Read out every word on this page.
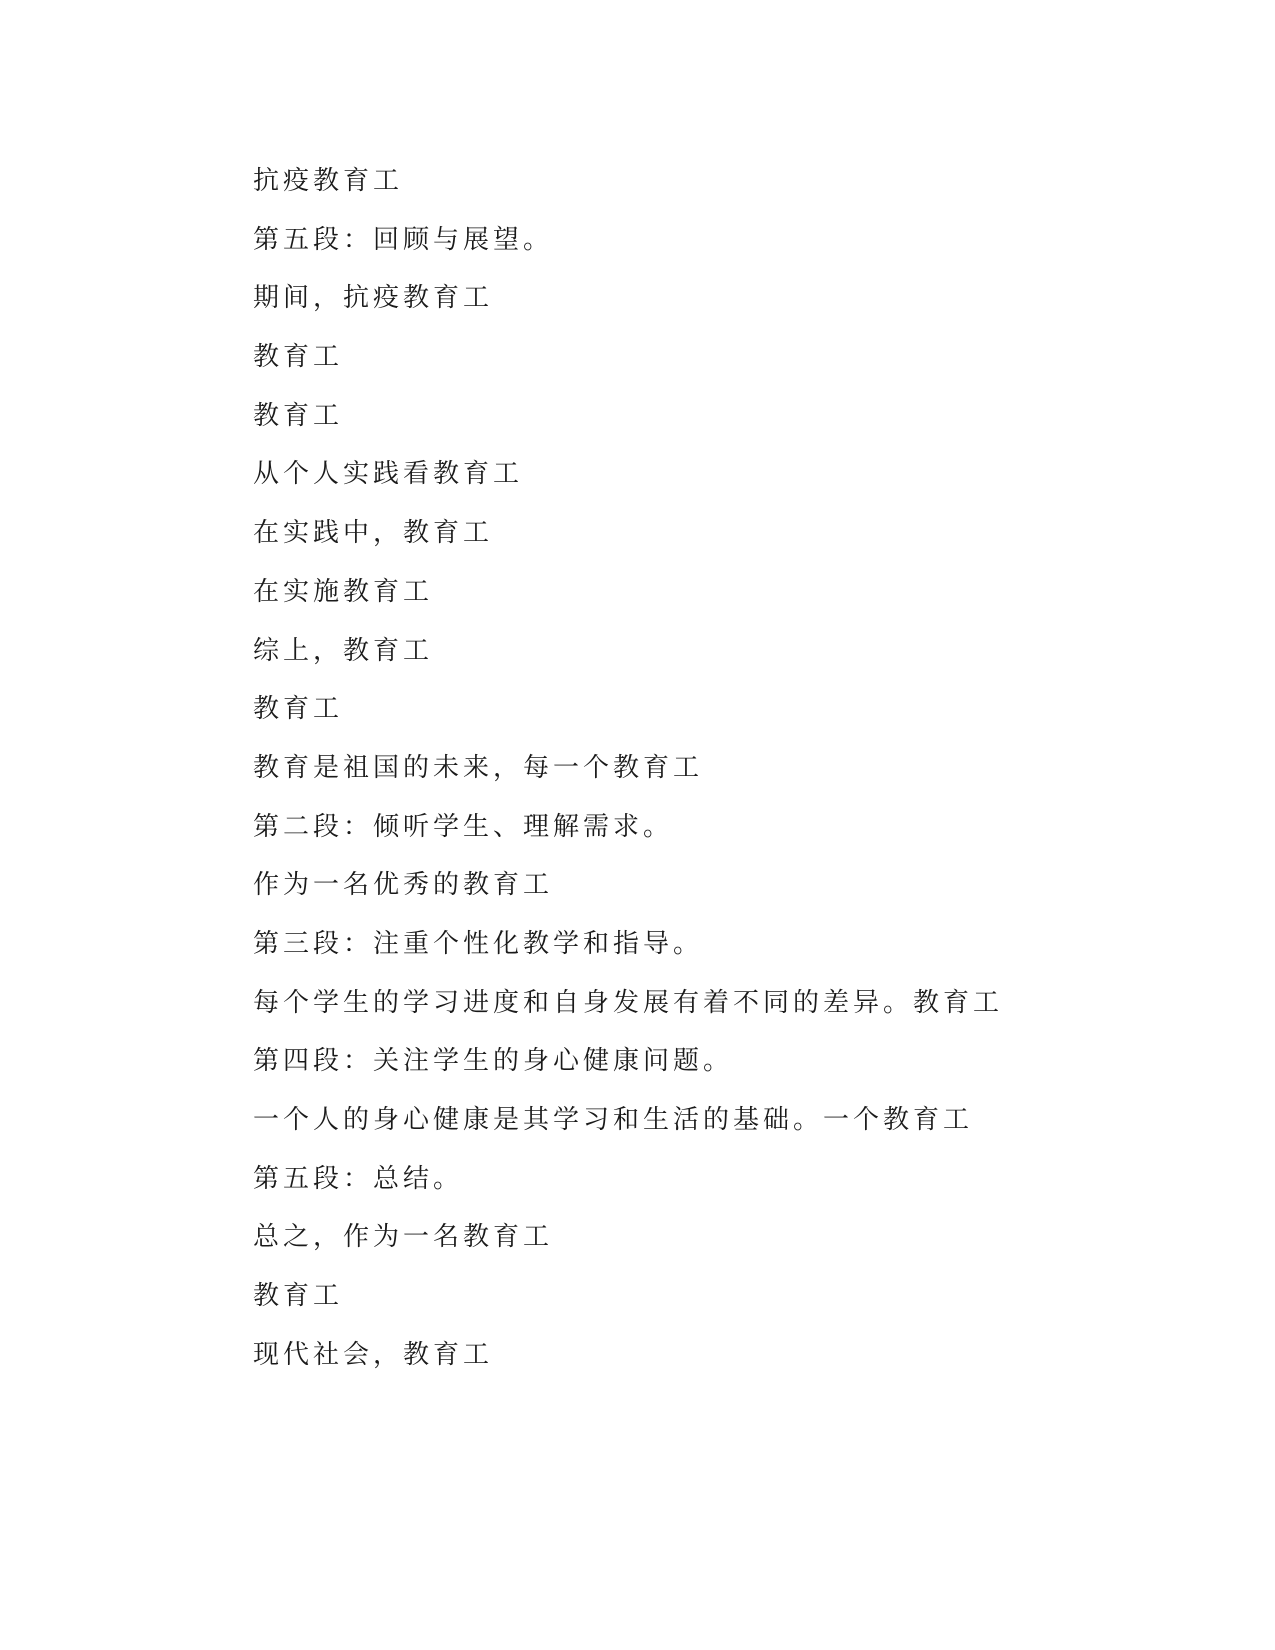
抗疫教育工
第五段：回顾与展望。
期间，抗疫教育工
教育工
教育工
从个人实践看教育工
在实践中，教育工
在实施教育工
综上，教育工
教育工
教育是祖国的未来，每一个教育工
第二段：倾听学生、理解需求。
作为一名优秀的教育工
第三段：注重个性化教学和指导。
每个学生的学习进度和自身发展有着不同的差异。教育工
第四段：关注学生的身心健康问题。
一个人的身心健康是其学习和生活的基础。一个教育工
第五段：总结。
总之，作为一名教育工
教育工
现代社会，教育工
